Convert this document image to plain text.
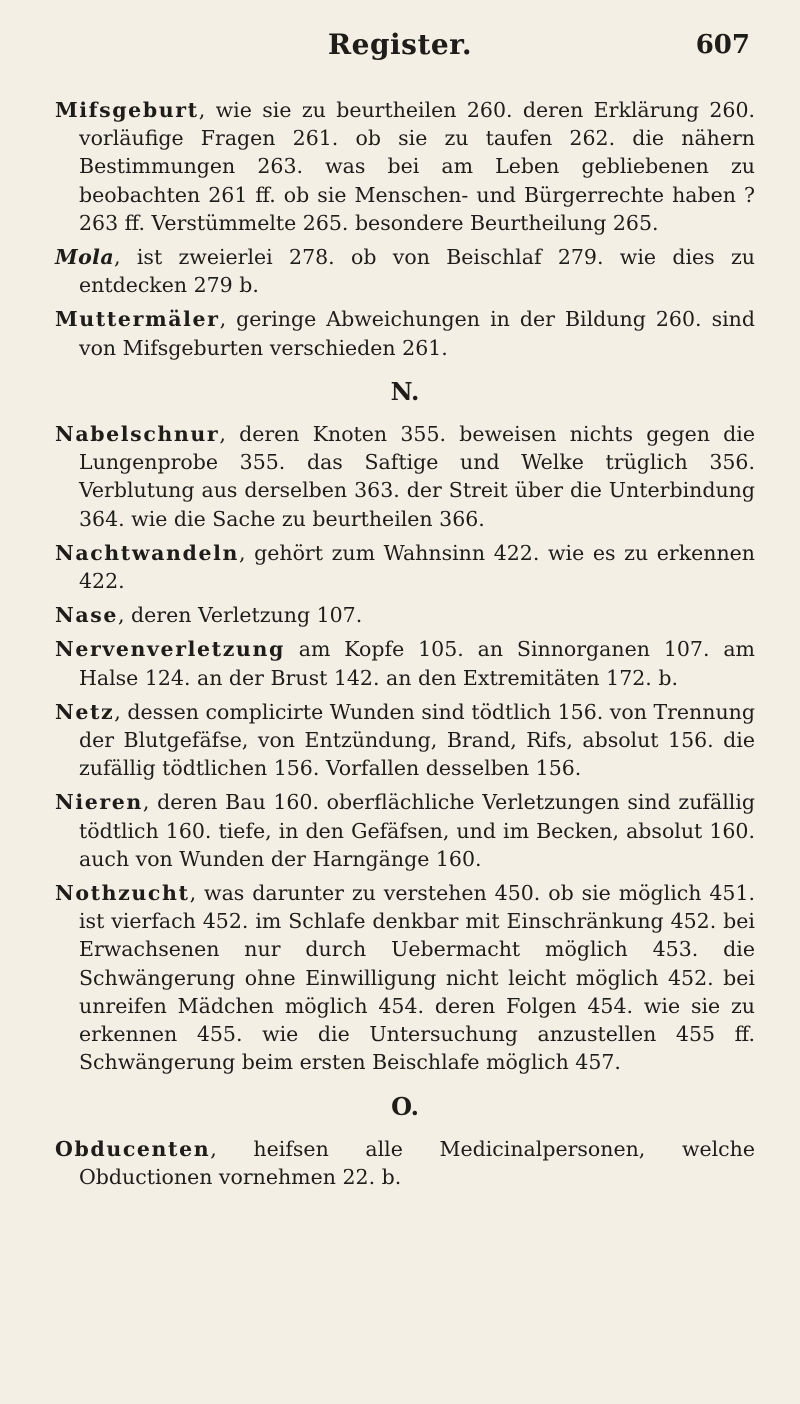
Register.	607

Mifsgeburt, wie sie zu beurtheilen 260. deren Erklärung 260. vorläufige Fragen 261. ob sie zu taufen 262. die nähern Bestimmungen 263. was bei am Leben gebliebenen zu beobachten 261 ff. ob sie Menschen- und Bürgerrechte haben ? 263 ff. Verstümmelte 265. besondere Beurtheilung 265.

Mola, ist zweierlei 278. ob von Beischlaf 279. wie dies zu entdecken 279 b.

Muttermäler, geringe Abweichungen in der Bildung 260. sind von Mifsgeburten verschieden 261.

N.

Nabelschnur, deren Knoten 355. beweisen nichts gegen die Lungenprobe 355. das Saftige und Welke trüglich 356. Verblutung aus derselben 363. der Streit über die Unterbindung 364. wie die Sache zu beurtheilen 366.

Nachtwandeln, gehört zum Wahnsinn 422. wie es zu erkennen 422.

Nase, deren Verletzung 107.

Nervenverletzung am Kopfe 105. an Sinnorganen 107. am Halse 124. an der Brust 142. an den Extremitäten 172. b.

Netz, dessen complicirte Wunden sind tödtlich 156. von Trennung der Blutgefäfse, von Entzündung, Brand, Rifs, absolut 156. die zufällig tödtlichen 156. Vorfallen desselben 156.

Nieren, deren Bau 160. oberflächliche Verletzungen sind zufällig tödtlich 160. tiefe, in den Gefäfsen, und im Becken, absolut 160. auch von Wunden der Harngänge 160.

Nothzucht, was darunter zu verstehen 450. ob sie möglich 451. ist vierfach 452. im Schlafe denkbar mit Einschränkung 452. bei Erwachsenen nur durch Uebermacht möglich 453. die Schwängerung ohne Einwilligung nicht leicht möglich 452. bei unreifen Mädchen möglich 454. deren Folgen 454. wie sie zu erkennen 455. wie die Untersuchung anzustellen 455 ff. Schwängerung beim ersten Beischlafe möglich 457.

O.

Obducenten, heifsen alle Medicinalpersonen, welche Obductionen vornehmen 22. b.
